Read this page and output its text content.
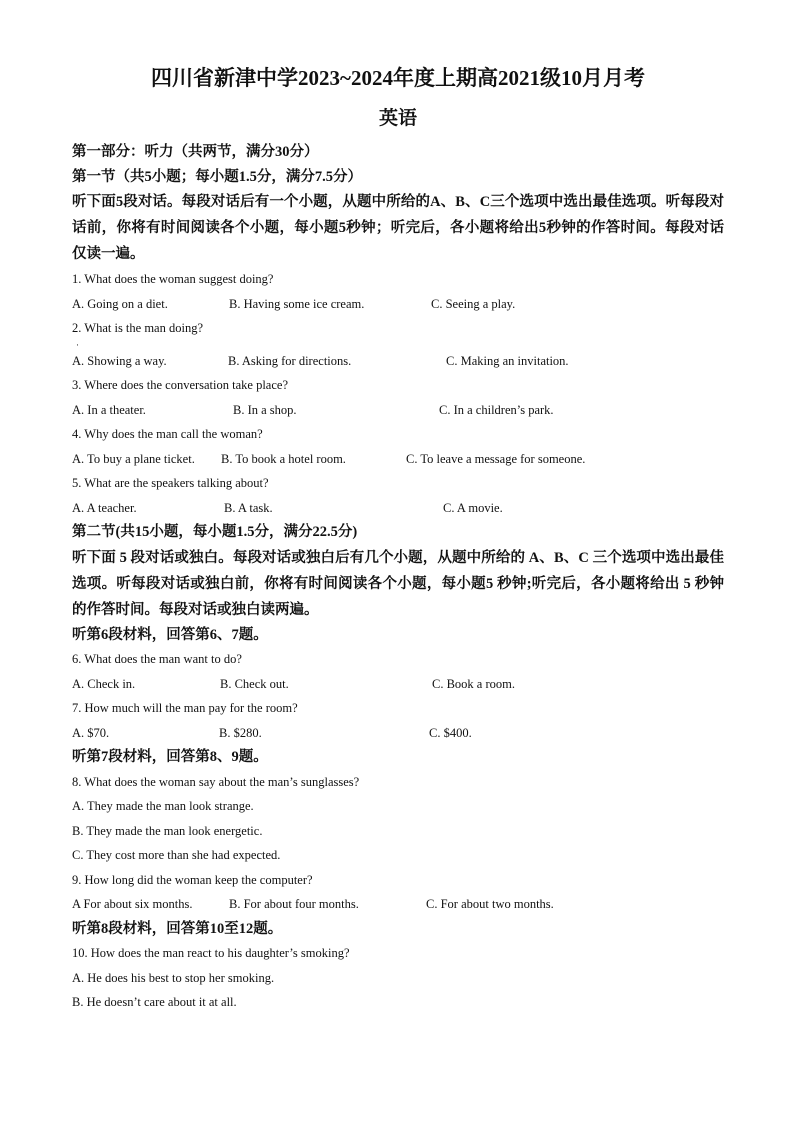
四川省新津中学2023~2024年度上期高2021级10月月考
英语
第一部分：听力（共两节，满分30分）
第一节（共5小题；每小题1.5分，满分7.5分）
听下面5段对话。每段对话后有一个小题，从题中所给的A、B、C三个选项中选出最佳选项。听每段对话前，你将有时间阅读各个小题，每小题5秒钟；听完后，各小题将给出5秒钟的作答时间。每段对话仅读一遍。
1. What does the woman suggest doing?
A. Going on a diet.	B. Having some ice cream.	C. Seeing a play.
2. What is the man doing?
·
A. Showing a way.	B. Asking for directions.	C. Making an invitation.
3. Where does the conversation take place?
A. In a theater.	B. In a shop.	C. In a children’s park.
4. Why does the man call the woman?
A. To buy a plane ticket. B. To book a hotel room.	C. To leave a message for someone.
5. What are the speakers talking about?
A. A teacher.	B. A task.	C. A movie.
第二节(共15小题，每小题1.5分，满分22.5分)
听下面 5 段对话或独白。每段对话或独白后有几个小题，从题中所给的 A、B、C 三个选项中选出最佳选项。听每段对话或独白前，你将有时间阅读各个小题，每小题5 秒钟;听完后，各小题将给出 5 秒钟的作答时间。每段对话或独白读两遍。
听第6段材料，回答第6、7题。
6. What does the man want to do?
A. Check in.	B. Check out.	C. Book a room.
7. How much will the man pay for the room?
A. $70.	B. $280.	C. $400.
听第7段材料，回答第8、9题。
8. What does the woman say about the man’s sunglasses?
A. They made the man look strange.
B. They made the man look energetic.
C. They cost more than she had expected.
9. How long did the woman keep the computer?
A For about six months.	B. For about four months.	C. For about two months.
听第8段材料，回答第10至12题。
10. How does the man react to his daughter’s smoking?
A. He does his best to stop her smoking.
B. He doesn’t care about it at all.
